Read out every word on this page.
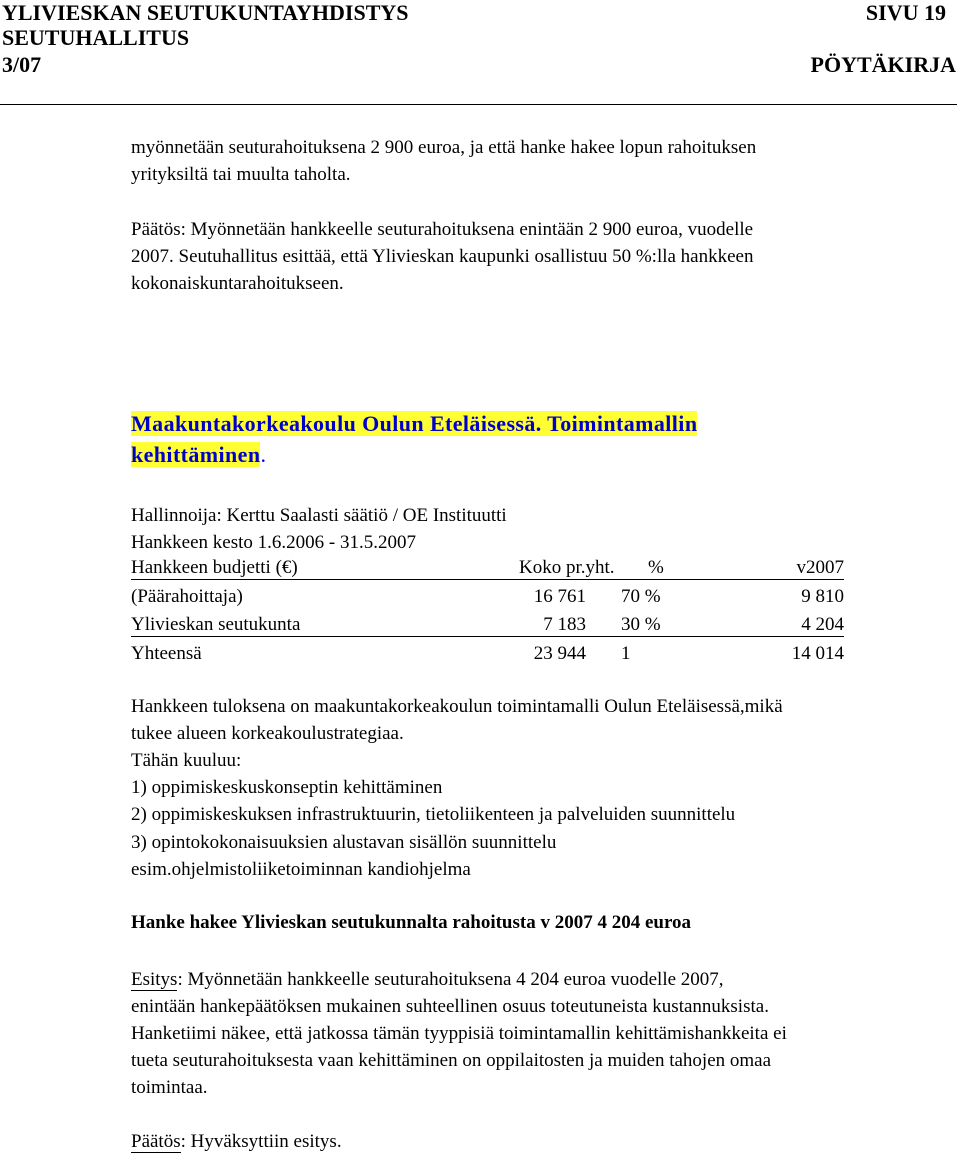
YLIVIESKAN SEUTUKUNTAYHDISTYS	SIVU 19
SEUTUHALLITUS
3/07	PÖYTÄKIRJA
myönnetään seuturahoituksena 2 900 euroa, ja että hanke hakee lopun rahoituksen
yrityksiltä tai muulta taholta.
Päätös: Myönnetään hankkeelle seuturahoituksena enintään 2 900 euroa, vuodelle
2007. Seutuhallitus esittää, että Ylivieskan kaupunki osallistuu 50 %:lla hankkeen
kokonaiskuntarahoitukseen.
Maakuntakorkeakoulu Oulun Eteläisessä. Toimintamallin
kehittäminen.
Hallinnoija: Kerttu Saalasti säätiö / OE Instituutti
Hankkeen kesto 1.6.2006 - 31.5.2007
Hankkeen budjetti (€)	Koko pr.yht. %	v2007
(Päärahoittaja)	16 761 70 %	9 810
Ylivieskan seutukunta	7 183 30 %	4 204
Yhteensä	23 944 1	14 014
Hankkeen tuloksena on maakuntakorkeakoulun toimintamalli Oulun Eteläisessä,mikä
tukee alueen korkeakoulustrategiaa.
Tähän kuuluu:
1) oppimiskeskuskonseptin kehittäminen
2) oppimiskeskuksen infrastruktuurin, tietoliikenteen ja palveluiden suunnittelu
3) opintokokonaisuuksien alustavan sisällön suunnittelu
esim.ohjelmistoliiketoiminnan kandiohjelma
Hanke hakee Ylivieskan seutukunnalta rahoitusta v 2007 4 204 euroa
Esitys: Myönnetään hankkeelle seuturahoituksena 4 204 euroa vuodelle 2007,
enintään hankepäätöksen mukainen suhteellinen osuus toteutuneista kustannuksista.
Hanketiimi näkee, että jatkossa tämän tyyppisiä toimintamallin kehittämishankkeita ei
tueta seuturahoituksesta vaan kehittäminen on oppilaitosten ja muiden tahojen omaa
toimintaa.
Päätös: Hyväksyttiin esitys.
